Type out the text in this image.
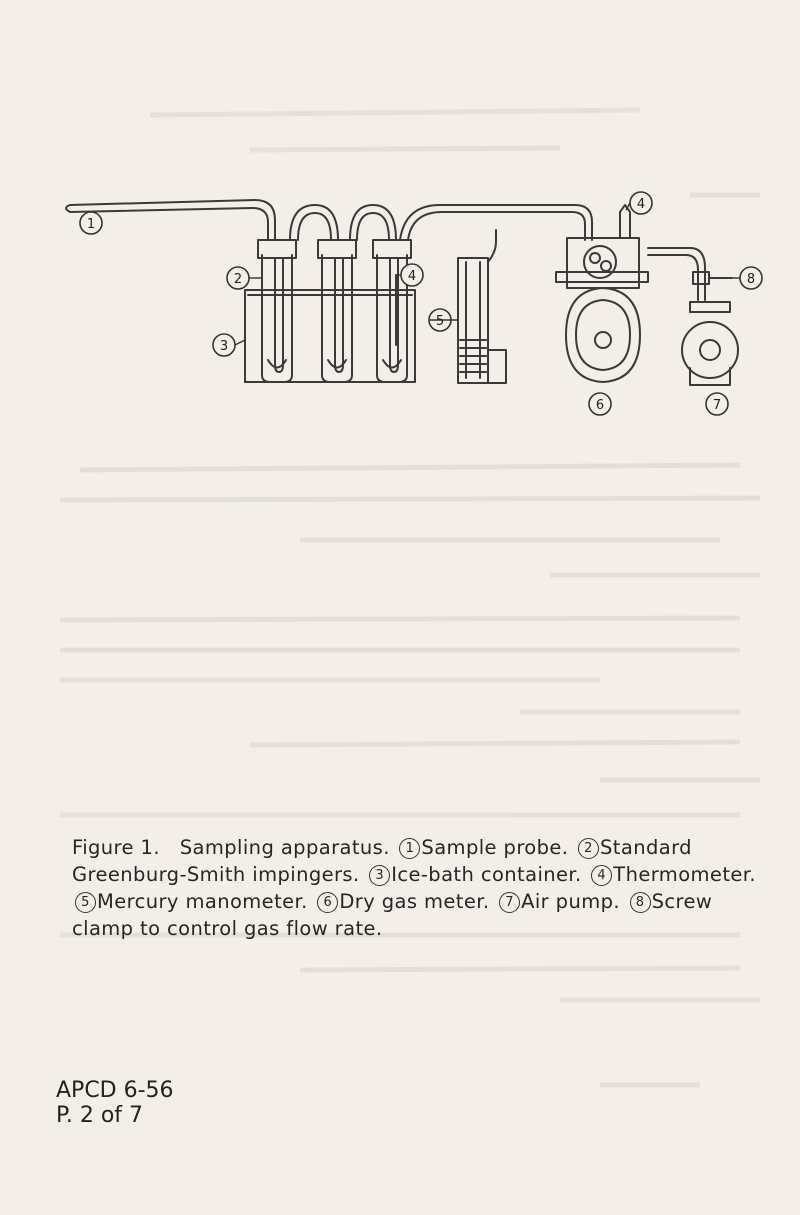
1
2
3
4
4
5
6	7
8

Figure 1. Sampling apparatus. 1 Sample probe. 2 Standard Greenburg-Smith impingers. 3 Ice-bath container. 4 Thermometer. 5 Mercury manometer. 6 Dry gas meter. 7 Air pump. 8 Screw clamp to control gas flow rate.

APCD 6-56
P. 2 of 7
